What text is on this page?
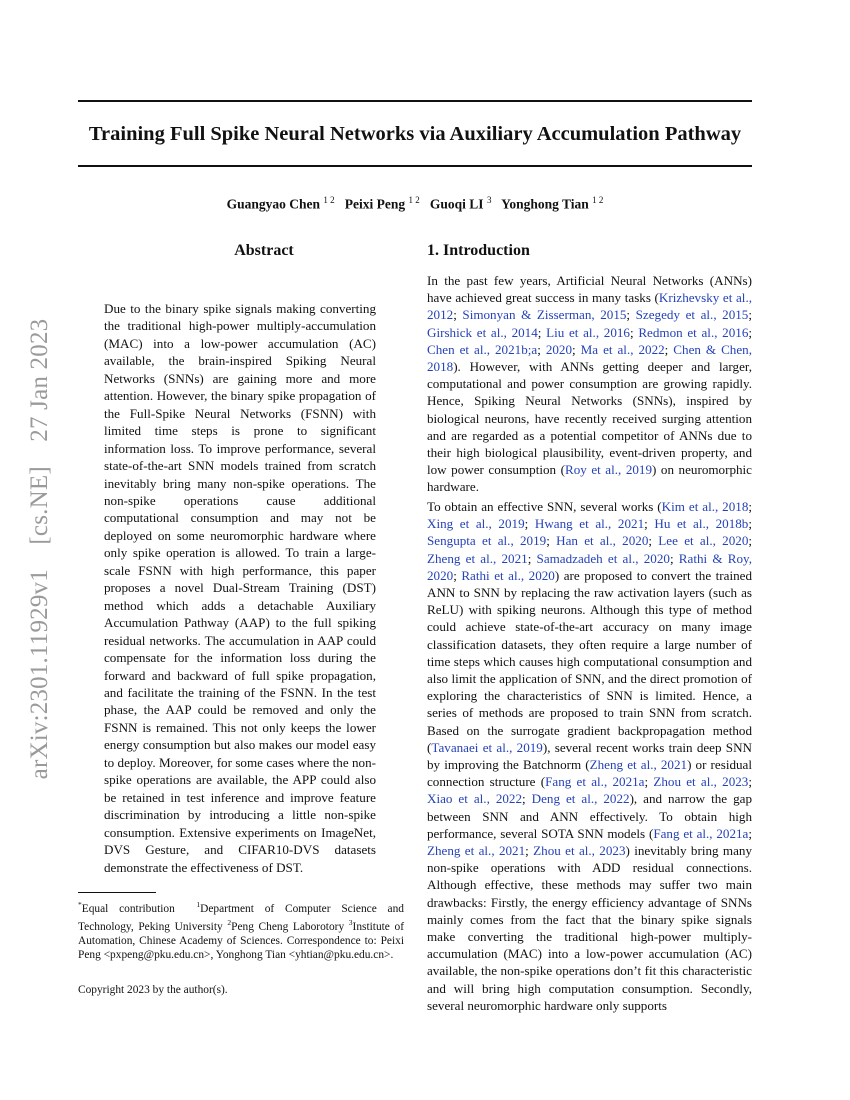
Training Full Spike Neural Networks via Auxiliary Accumulation Pathway
Guangyao Chen $^{1 2}$ Peixi Peng $^{1 2}$ Guoqi LI $^3$ Yonghong Tian $^{1 2}$
arXiv:2301.11929v1 [cs.NE] 27 Jan 2023
Abstract

Due to the binary spike signals making converting the traditional high-power multiply-accumulation (MAC) into a low-power accumulation (AC) available, the brain-inspired Spiking Neural Networks (SNNs) are gaining more and more attention. However, the binary spike propagation of the Full-Spike Neural Networks (FSNN) with limited time steps is prone to significant information loss. To improve performance, several state-of-the-art SNN models trained from scratch inevitably bring many non-spike operations. The non-spike operations cause additional computational consumption and may not be deployed on some neuromorphic hardware where only spike operation is allowed. To train a large-scale FSNN with high performance, this paper proposes a novel Dual-Stream Training (DST) method which adds a detachable Auxiliary Accumulation Pathway (AAP) to the full spiking residual networks. The accumulation in AAP could compensate for the information loss during the forward and backward of full spike propagation, and facilitate the training of the FSNN. In the test phase, the AAP could be removed and only the FSNN is remained. This not only keeps the lower energy consumption but also makes our model easy to deploy. Moreover, for some cases where the non-spike operations are available, the APP could also be retained in test inference and improve feature discrimination by introducing a little non-spike consumption. Extensive experiments on ImageNet, DVS Gesture, and CIFAR10-DVS datasets demonstrate the effectiveness of DST.

*Equal contribution	$^1$Department of Computer Science and Technology, Peking University $^2$Peng Cheng Laborotory $^3$Institute of Automation, Chinese Academy of Sciences. Correspondence to: Peixi Peng <pxpeng@pku.edu.cn>, Yonghong Tian <yhtian@pku.edu.cn>.

Copyright 2023 by the author(s).

1. Introduction

In the past few years, Artificial Neural Networks (ANNs) have achieved great success in many tasks (Krizhevsky et al., 2012; Simonyan & Zisserman, 2015; Szegedy et al., 2015; Girshick et al., 2014; Liu et al., 2016; Redmon et al., 2016; Chen et al., 2021b;a; 2020; Ma et al., 2022; Chen & Chen, 2018). However, with ANNs getting deeper and larger, computational and power consumption are growing rapidly. Hence, Spiking Neural Networks (SNNs), inspired by biological neurons, have recently received surging attention and are regarded as a potential competitor of ANNs due to their high biological plausibility, event-driven property, and low power consumption (Roy et al., 2019) on neuromorphic hardware.

To obtain an effective SNN, several works (Kim et al., 2018; Xing et al., 2019; Hwang et al., 2021; Hu et al., 2018b; Sengupta et al., 2019; Han et al., 2020; Lee et al., 2020; Zheng et al., 2021; Samadzadeh et al., 2020; Rathi & Roy, 2020; Rathi et al., 2020) are proposed to convert the trained ANN to SNN by replacing the raw activation layers (such as ReLU) with spiking neurons. Although this type of method could achieve state-of-the-art accuracy on many image classification datasets, they often require a large number of time steps which causes high computational consumption and also limit the application of SNN, and the direct promotion of exploring the characteristics of SNN is limited. Hence, a series of methods are proposed to train SNN from scratch. Based on the surrogate gradient backpropagation method (Tavanaei et al., 2019), several recent works train deep SNN by improving the Batchnorm (Zheng et al., 2021) or residual connection structure (Fang et al., 2021a; Zhou et al., 2023; Xiao et al., 2022; Deng et al., 2022), and narrow the gap between SNN and ANN effectively. To obtain high performance, several SOTA SNN models (Fang et al., 2021a; Zheng et al., 2021; Zhou et al., 2023) inevitably bring many non-spike operations with ADD residual connections. Although effective, these methods may suffer two main drawbacks: Firstly, the energy efficiency advantage of SNNs mainly comes from the fact that the binary spike signals make converting the traditional high-power multiply-accumulation (MAC) into a low-power accumulation (AC) available, the non-spike operations don’t fit this characteristic and will bring high computation consumption. Secondly, several neuromorphic hardware only supports
